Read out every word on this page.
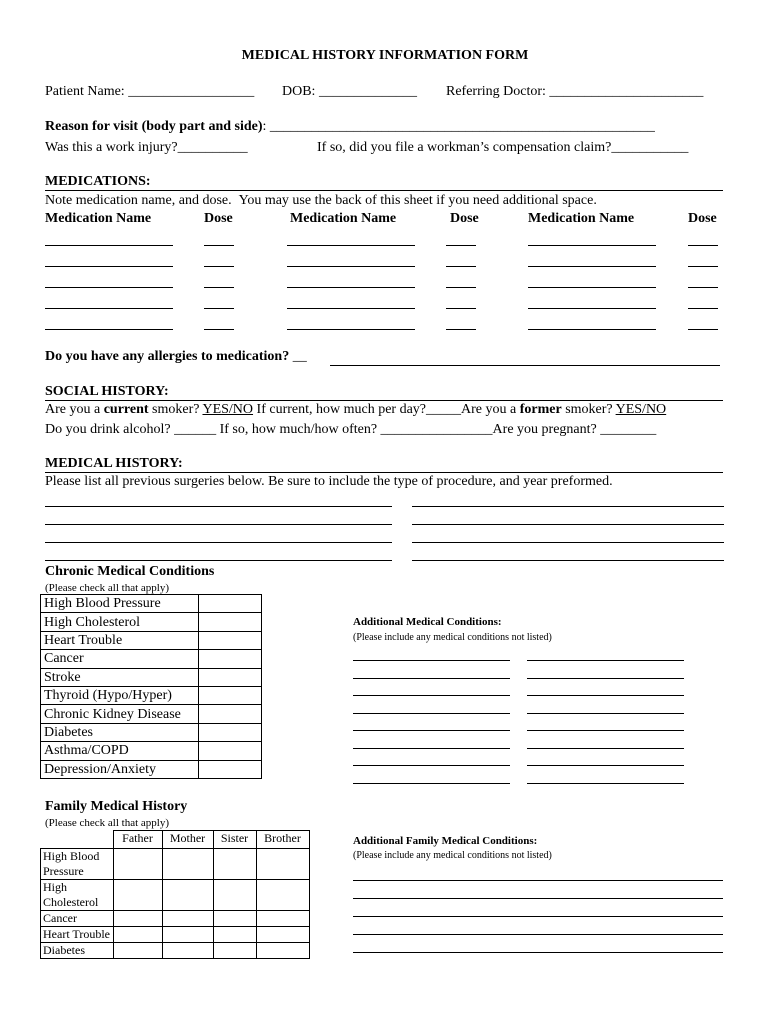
MEDICAL HISTORY INFORMATION FORM
Patient Name: __________________ DOB: ______________ Referring Doctor: ______________________
Reason for visit (body part and side): _______________________________________________________
Was this a work injury?__________	If so, did you file a workman’s compensation claim?___________
MEDICATIONS:
Note medication name, and dose. You may use the back of this sheet if you need additional space.
Medication Name	Dose	Medication Name	Dose	Medication Name	Dose
Do you have any allergies to medication? __
SOCIAL HISTORY:
Are you a current smoker? YES/NO If current, how much per day?_____Are you a former smoker? YES/NO
Do you drink alcohol? ______ If so, how much/how often? ________________Are you pregnant? ________
MEDICAL HISTORY:
Please list all previous surgeries below. Be sure to include the type of procedure, and year preformed.
Chronic Medical Conditions
(Please check all that apply)
High Blood Pressure	
High Cholesterol	
Heart Trouble	
Cancer	
Stroke	
Thyroid (Hypo/Hyper)	
Chronic Kidney Disease	
Diabetes	
Asthma/COPD	
Depression/Anxiety	
Additional Medical Conditions:
(Please include any medical conditions not listed)
Family Medical History
(Please check all that apply)
	Father	Mother	Sister	Brother
High Blood Pressure				
High Cholesterol				
Cancer				
Heart Trouble				
Diabetes				
Additional Family Medical Conditions:
(Please include any medical conditions not listed)
